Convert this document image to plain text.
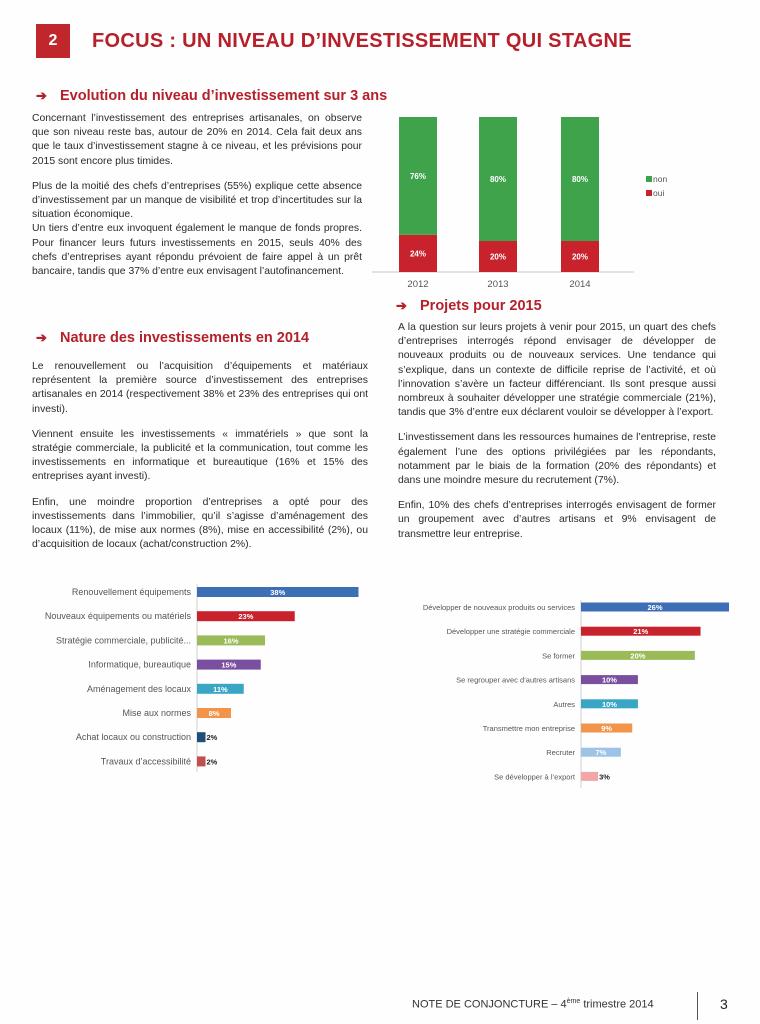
2	FOCUS : UN NIVEAU D’INVESTISSEMENT QUI STAGNE
➔ Evolution du niveau d’investissement sur 3 ans

Concernant l’investissement des entreprises artisanales, on observe que son niveau reste bas, autour de 20% en 2014. Cela fait deux ans que le taux d’investissement stagne à ce niveau, et les prévisions pour 2015 sont encore plus timides.

Plus de la moitié des chefs d’entreprises (55%) explique cette absence d’investissement par un manque de visibilité et trop d’incertitudes sur la situation économique.

Un tiers d’entre eux invoquent également le manque de fonds propres. Pour financer leurs futurs investissements en 2015, seuls 40% des chefs d’entreprises ayant répondu prévoient de faire appel à un prêt bancaire, tandis que 37% d’entre eux envisagent l’autofinancement.

24%
76%
2012
20%
80%
2013
20%
80%
2014
non
oui
➔ Projets pour 2015

A la question sur leurs projets à venir pour 2015, un quart des chefs d’entreprises interrogés répond envisager de développer de nouveaux produits ou de nouveaux services. Une tendance qui s’explique, dans un contexte de difficile reprise de l’activité, et où l’innovation s’avère un facteur différenciant. Ils sont presque aussi nombreux à souhaiter développer une stratégie commerciale (21%), tandis que 3% d’entre eux déclarent vouloir se développer à l’export.

L’investissement dans les ressources humaines de l’entreprise, reste également l’une des options privilégiées par les répondants, notamment par le biais de la formation (20% des répondants) et dans une moindre mesure du recrutement (7%).

Enfin, 10% des chefs d’entreprises interrogés envisagent de former un groupement avec d’autres artisans et 9% envisagent de transmettre leur entreprise.

➔ Nature des investissements en 2014

Le renouvellement ou l’acquisition d’équipements et matériaux représentent la première source d’investissement des entreprises artisanales en 2014 (respectivement 38% et 23% des entreprises qui ont investi).

Viennent ensuite les investissements « immatériels » que sont la stratégie commerciale, la publicité et la communication, tout comme les investissements en informatique et bureautique (16% et 15% des entreprises ayant investi).

Enfin, une moindre proportion d’entreprises a opté pour des investissements dans l’immobilier, qu’il s’agisse d’aménagement des locaux (11%), de mise aux normes (8%), mise en accessibilité (2%), ou d’acquisition de locaux (achat/construction 2%).

Renouvellement équipements	38%
Nouveaux équipements ou matériels	23%
Stratégie commerciale, publicité...	16%
Informatique, bureautique	15%
Aménagement des locaux	11%
Mise aux normes 8%
Achat locaux ou construction 2%
Travaux d’accessibilité 2%
Développer de nouveaux produits ou services	26%
Développer une stratégie commerciale	21%
Se former	20%
Se regrouper avec d’autres artisans	10%
Autres	10%
Transmettre mon entreprise	9%
Recruter	7%
Se développer à l’export	3%
NOTE DE CONJONCTURE – 4ème trimestre 2014	3
